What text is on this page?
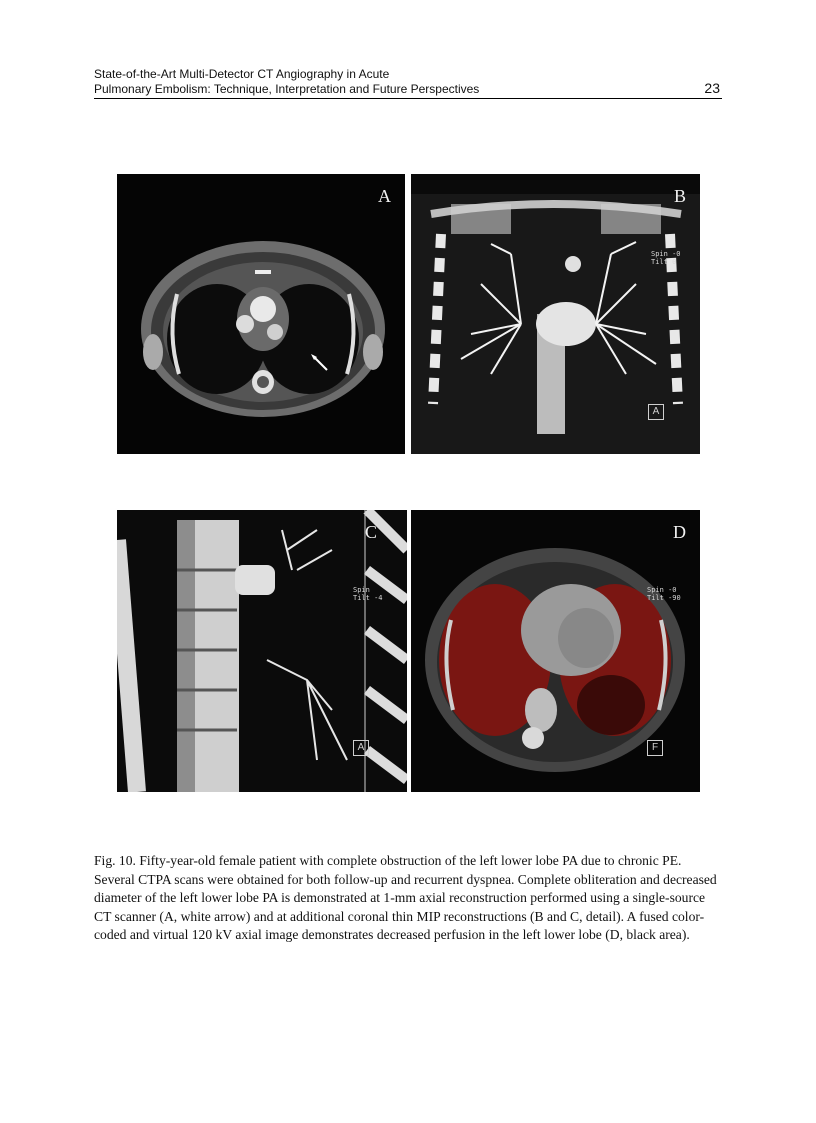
State-of-the-Art Multi-Detector CT Angiography in Acute
Pulmonary Embolism: Technique, Interpretation and Future Perspectives	23
A	B
Spin -0
Tilt 0
A
C
Spin
Tilt -4
A
D
Spin -0
Tilt -90
F
Fig. 10. Fifty-year-old female patient with complete obstruction of the left lower lobe PA due to chronic PE. Several CTPA scans were obtained for both follow-up and recurrent dyspnea. Complete obliteration and decreased diameter of the left lower lobe PA is demonstrated at 1-mm axial reconstruction performed using a single-source CT scanner (A, white arrow) and at additional coronal thin MIP reconstructions (B and C, detail). A fused color-coded and virtual 120 kV axial image demonstrates decreased perfusion in the left lower lobe (D, black area).
